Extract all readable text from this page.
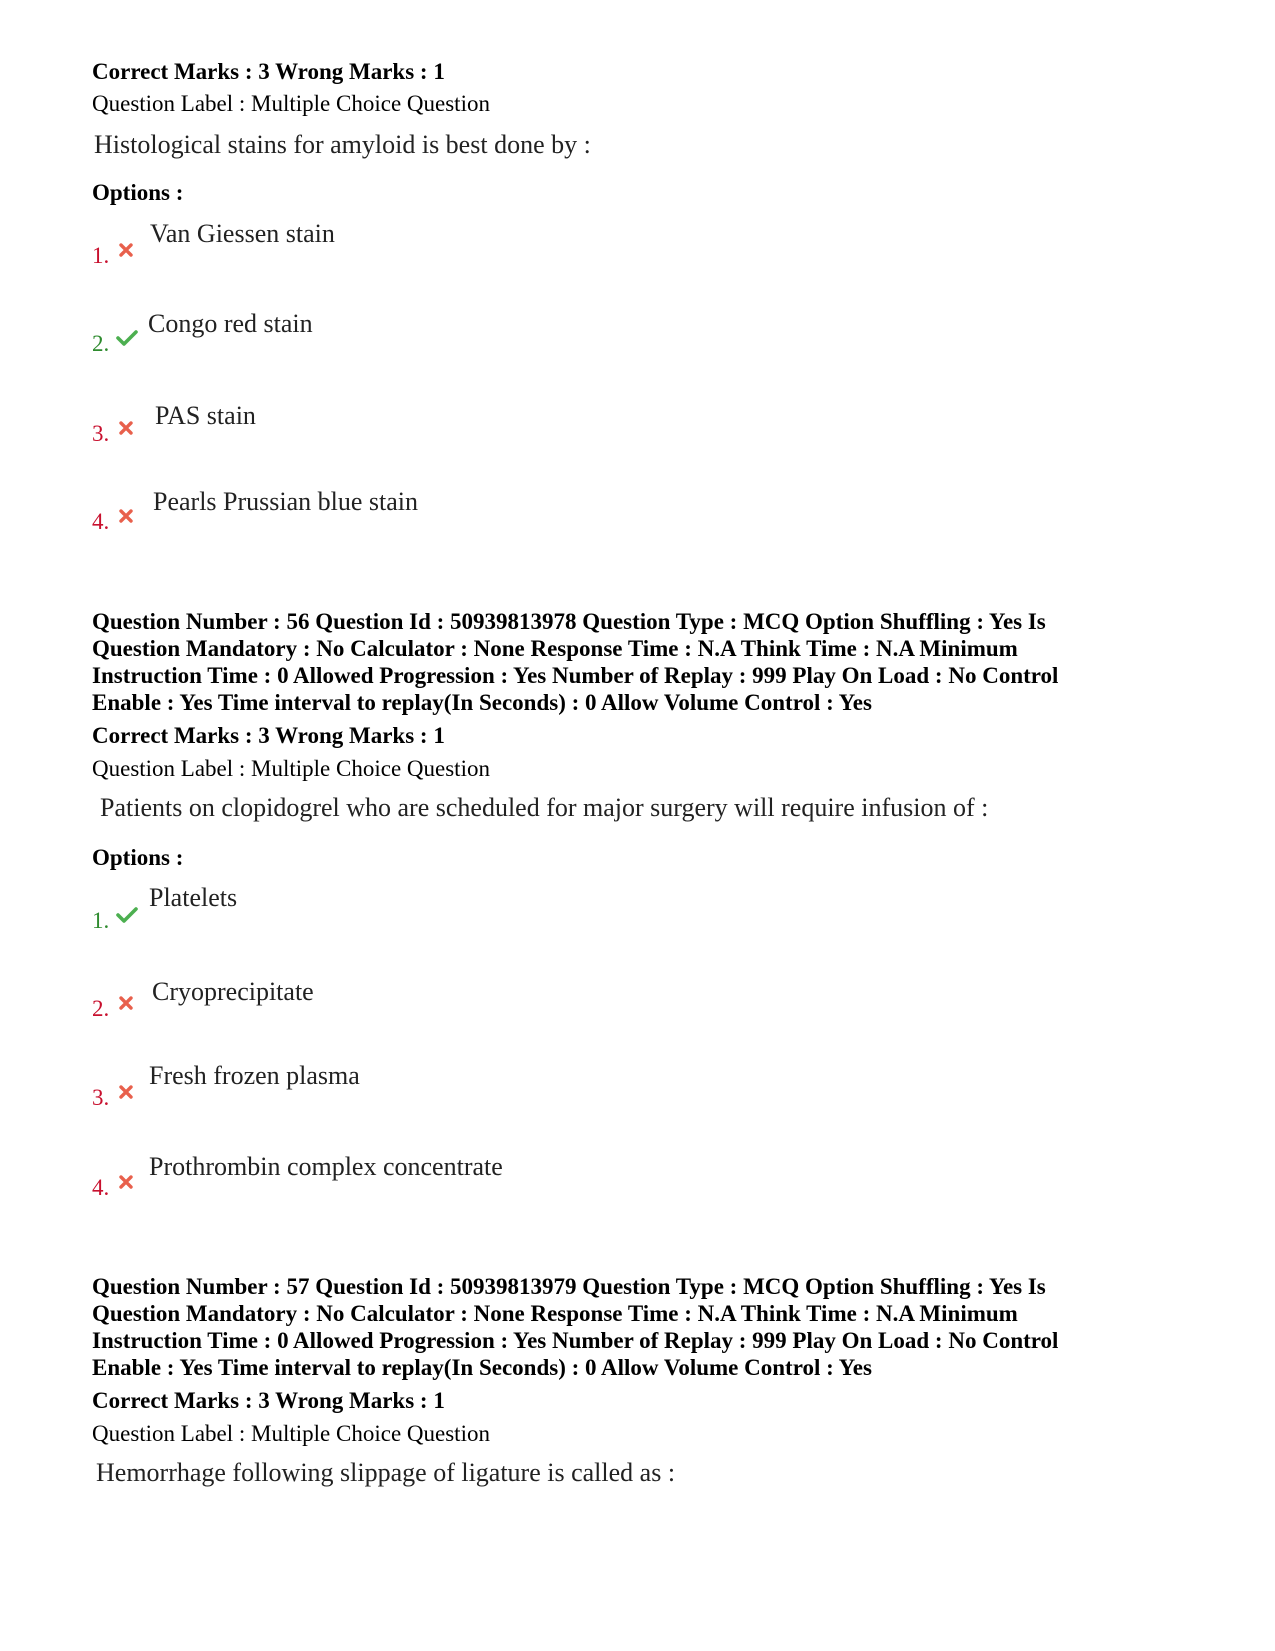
Correct Marks : 3 Wrong Marks : 1
Question Label : Multiple Choice Question
Histological stains for amyloid is best done by :
Options :
1.
Van Giessen stain
2.
Congo red stain
3.
PAS stain
4.
Pearls Prussian blue stain
Question Number : 56 Question Id : 50939813978 Question Type : MCQ Option Shuffling : Yes Is
Question Mandatory : No Calculator : None Response Time : N.A Think Time : N.A Minimum
Instruction Time : 0 Allowed Progression : Yes Number of Replay : 999 Play On Load : No Control
Enable : Yes Time interval to replay(In Seconds) : 0 Allow Volume Control : Yes
Correct Marks : 3 Wrong Marks : 1
Question Label : Multiple Choice Question
Patients on clopidogrel who are scheduled for major surgery will require infusion of :
Options :
1.
Platelets
2.
Cryoprecipitate
3.
Fresh frozen plasma
4.
Prothrombin complex concentrate
Question Number : 57 Question Id : 50939813979 Question Type : MCQ Option Shuffling : Yes Is
Question Mandatory : No Calculator : None Response Time : N.A Think Time : N.A Minimum
Instruction Time : 0 Allowed Progression : Yes Number of Replay : 999 Play On Load : No Control
Enable : Yes Time interval to replay(In Seconds) : 0 Allow Volume Control : Yes
Correct Marks : 3 Wrong Marks : 1
Question Label : Multiple Choice Question
Hemorrhage following slippage of ligature is called as :
